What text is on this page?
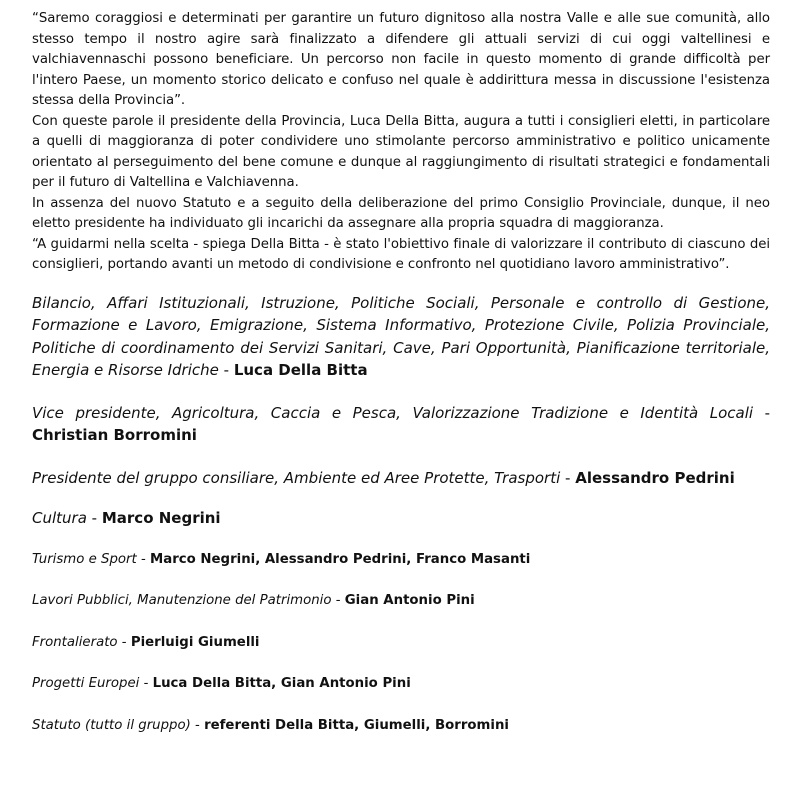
“Saremo coraggiosi e determinati per garantire un futuro dignitoso alla nostra Valle e alle sue comunità, allo stesso tempo il nostro agire sarà finalizzato a difendere gli attuali servizi di cui oggi valtellinesi e valchiavennaschi possono beneficiare. Un percorso non facile in questo momento di grande difficoltà per l'intero Paese, un momento storico delicato e confuso nel quale è addirittura messa in discussione l'esistenza stessa della Provincia”.

Con queste parole il presidente della Provincia, Luca Della Bitta, augura a tutti i consiglieri eletti, in particolare a quelli di maggioranza di poter condividere uno stimolante percorso amministrativo e politico unicamente orientato al perseguimento del bene comune e dunque al raggiungimento di risultati strategici e fondamentali per il futuro di Valtellina e Valchiavenna.

In assenza del nuovo Statuto e a seguito della deliberazione del primo Consiglio Provinciale, dunque, il neo eletto presidente ha individuato gli incarichi da assegnare alla propria squadra di maggioranza.

“A guidarmi nella scelta - spiega Della Bitta - è stato l'obiettivo finale di valorizzare il contributo di ciascuno dei consiglieri, portando avanti un metodo di condivisione e confronto nel quotidiano lavoro amministrativo”.

Bilancio, Affari Istituzionali, Istruzione, Politiche Sociali, Personale e controllo di Gestione, Formazione e Lavoro, Emigrazione, Sistema Informativo, Protezione Civile, Polizia Provinciale, Politiche di coordinamento dei Servizi Sanitari, Cave, Pari Opportunità, Pianificazione territoriale, Energia e Risorse Idriche - Luca Della Bitta

Vice presidente, Agricoltura, Caccia e Pesca, Valorizzazione Tradizione e Identità Locali - Christian Borromini

Presidente del gruppo consiliare, Ambiente ed Aree Protette, Trasporti - Alessandro Pedrini

Cultura - Marco Negrini

Turismo e Sport - Marco Negrini, Alessandro Pedrini, Franco Masanti

Lavori Pubblici, Manutenzione del Patrimonio - Gian Antonio Pini

Frontalierato - Pierluigi Giumelli

Progetti Europei - Luca Della Bitta, Gian Antonio Pini

Statuto (tutto il gruppo) - referenti Della Bitta, Giumelli, Borromini
